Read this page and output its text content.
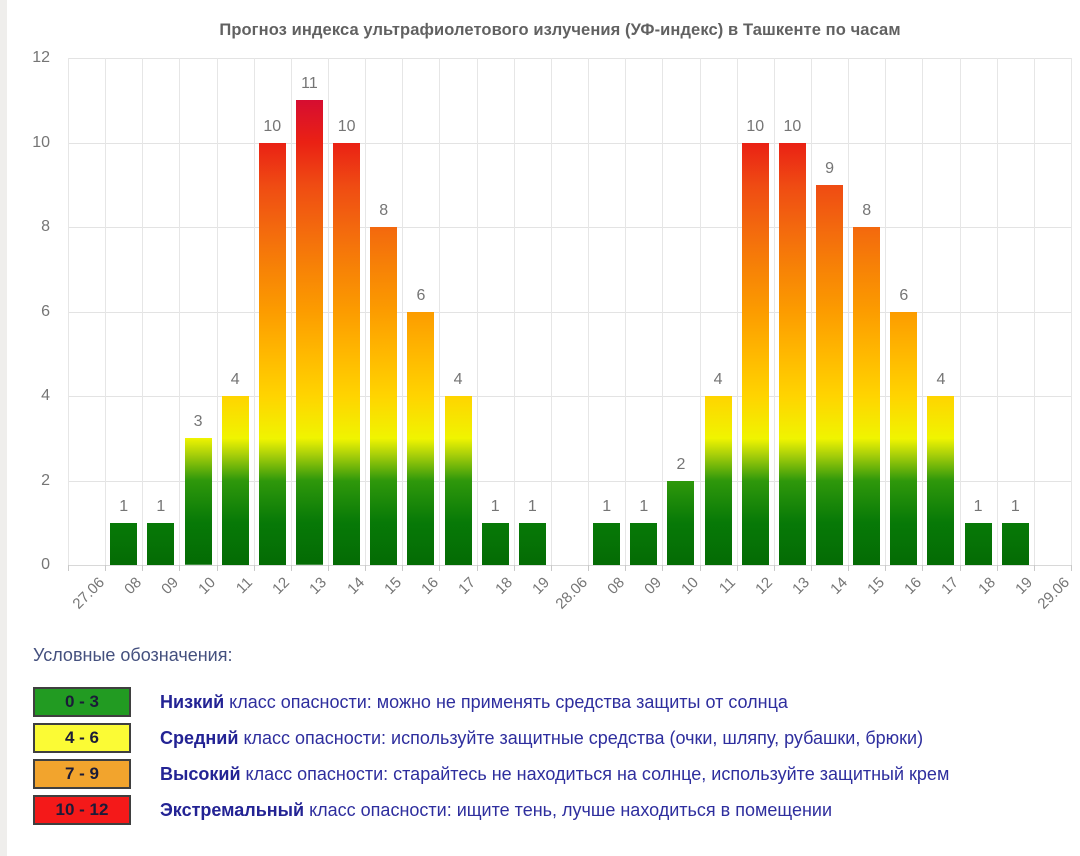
Прогноз индекса ультрафиолетового излучения (УФ-индекс) в Ташкенте по часам
0
2
4
6
8
10
12
27.06
1
08
1
09
3
10
4
11
10
12
11
13
10
14
8
15
6
16
4
17
1
18
1
19
28.06
1
08
1
09
2
10
4
11
10
12
10
13
9
14
8
15
6
16
4
17
1
18
1
19
29.06
Условные обозначения:
0 - 3	Низкий класс опасности: можно не применять средства защиты от солнца
4 - 6	Средний класс опасности: используйте защитные средства (очки, шляпу, рубашки, брюки)
7 - 9	Высокий класс опасности: старайтесь не находиться на солнце, используйте защитный крем
10 - 12	Экстремальный класс опасности: ищите тень, лучше находиться в помещении
